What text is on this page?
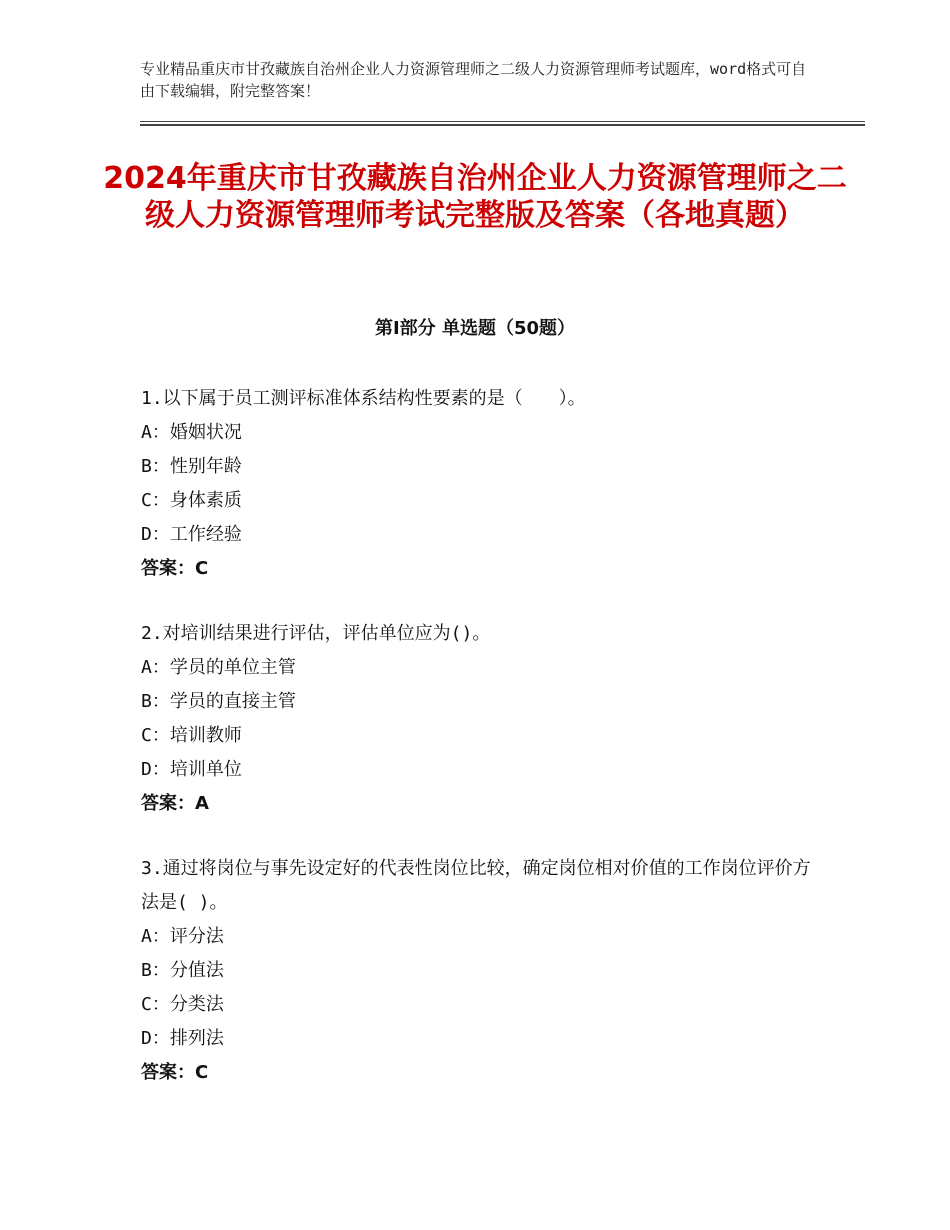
专业精品重庆市甘孜藏族自治州企业人力资源管理师之二级人力资源管理师考试题库，word格式可自由下载编辑，附完整答案！
2024年重庆市甘孜藏族自治州企业人力资源管理师之二级人力资源管理师考试完整版及答案（各地真题）
第Ⅰ部分 单选题（50题）

1.以下属于员工测评标准体系结构性要素的是（　　）。

A：婚姻状况

B：性别年龄

C：身体素质

D：工作经验

答案：C

2.对培训结果进行评估，评估单位应为()。

A：学员的单位主管

B：学员的直接主管

C：培训教师

D：培训单位

答案：A

3.通过将岗位与事先设定好的代表性岗位比较，确定岗位相对价值的工作岗位评价方法是( )。

A：评分法

B：分值法

C：分类法

D：排列法

答案：C
